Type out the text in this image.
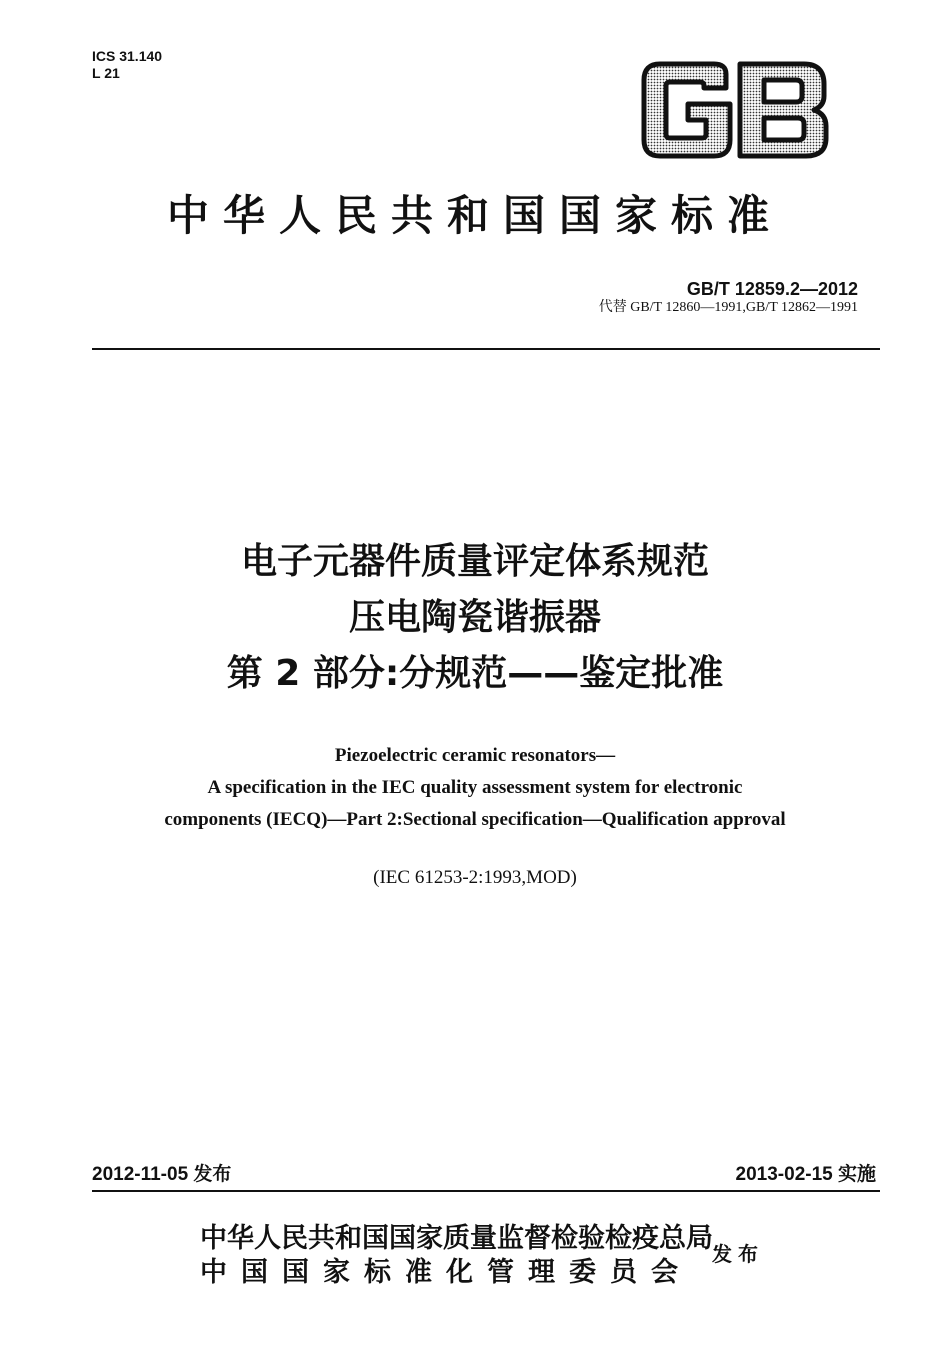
ICS 31.140
L 21
中华人民共和国国家标准
GB/T 12859.2—2012
代替 GB/T 12860—1991,GB/T 12862—1991
电子元器件质量评定体系规范
压电陶瓷谐振器
第 2 部分:分规范——鉴定批准
Piezoelectric ceramic resonators—
A specification in the IEC quality assessment system for electronic
components (IECQ)—Part 2:Sectional specification—Qualification approval
(IEC 61253-2:1993,MOD)
2012-11-05 发布	2013-02-15 实施
中华人民共和国国家质量监督检验检疫总局
中国国家标准化管理委员会
发布
